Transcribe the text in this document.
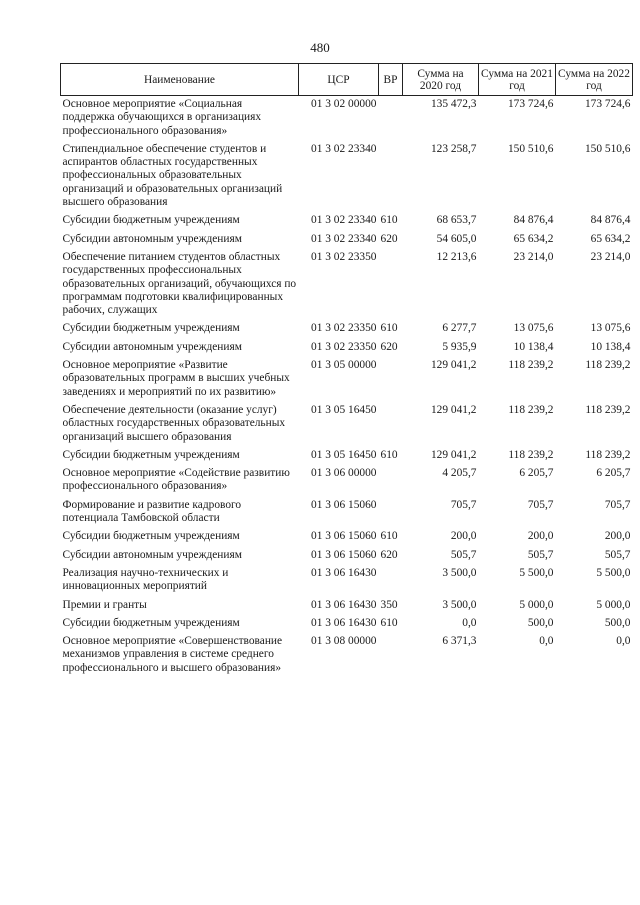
480
Наименование	ЦСР	ВР	Сумма на 2020 год	Сумма на 2021 год	Сумма на 2022 год
Основное мероприятие «Социальная поддержка обучающихся в организациях профессионального образования»	01 3 02 00000		135 472,3	173 724,6	173 724,6
Стипендиальное обеспечение студентов и аспирантов областных государственных профессиональных образовательных организаций и образовательных организаций высшего образования	01 3 02 23340		123 258,7	150 510,6	150 510,6
Субсидии бюджетным учреждениям	01 3 02 23340	610	68 653,7	84 876,4	84 876,4
Субсидии автономным учреждениям	01 3 02 23340	620	54 605,0	65 634,2	65 634,2
Обеспечение питанием студентов областных государственных профессиональных образовательных организаций, обучающихся по программам подготовки квалифицированных рабочих, служащих	01 3 02 23350		12 213,6	23 214,0	23 214,0
Субсидии бюджетным учреждениям	01 3 02 23350	610	6 277,7	13 075,6	13 075,6
Субсидии автономным учреждениям	01 3 02 23350	620	5 935,9	10 138,4	10 138,4
Основное мероприятие «Развитие образовательных программ в высших учебных заведениях и мероприятий по их развитию»	01 3 05 00000		129 041,2	118 239,2	118 239,2
Обеспечение деятельности (оказание услуг) областных государственных образовательных организаций высшего образования	01 3 05 16450		129 041,2	118 239,2	118 239,2
Субсидии бюджетным учреждениям	01 3 05 16450	610	129 041,2	118 239,2	118 239,2
Основное мероприятие «Содействие развитию профессионального образования»	01 3 06 00000		4 205,7	6 205,7	6 205,7
Формирование и развитие кадрового потенциала Тамбовской области	01 3 06 15060		705,7	705,7	705,7
Субсидии бюджетным учреждениям	01 3 06 15060	610	200,0	200,0	200,0
Субсидии автономным учреждениям	01 3 06 15060	620	505,7	505,7	505,7
Реализация научно-технических и инновационных мероприятий	01 3 06 16430		3 500,0	5 500,0	5 500,0
Премии и гранты	01 3 06 16430	350	3 500,0	5 000,0	5 000,0
Субсидии бюджетным учреждениям	01 3 06 16430	610	0,0	500,0	500,0
Основное мероприятие «Совершенствование механизмов управления в системе среднего профессионального и высшего образования»	01 3 08 00000		6 371,3	0,0	0,0
